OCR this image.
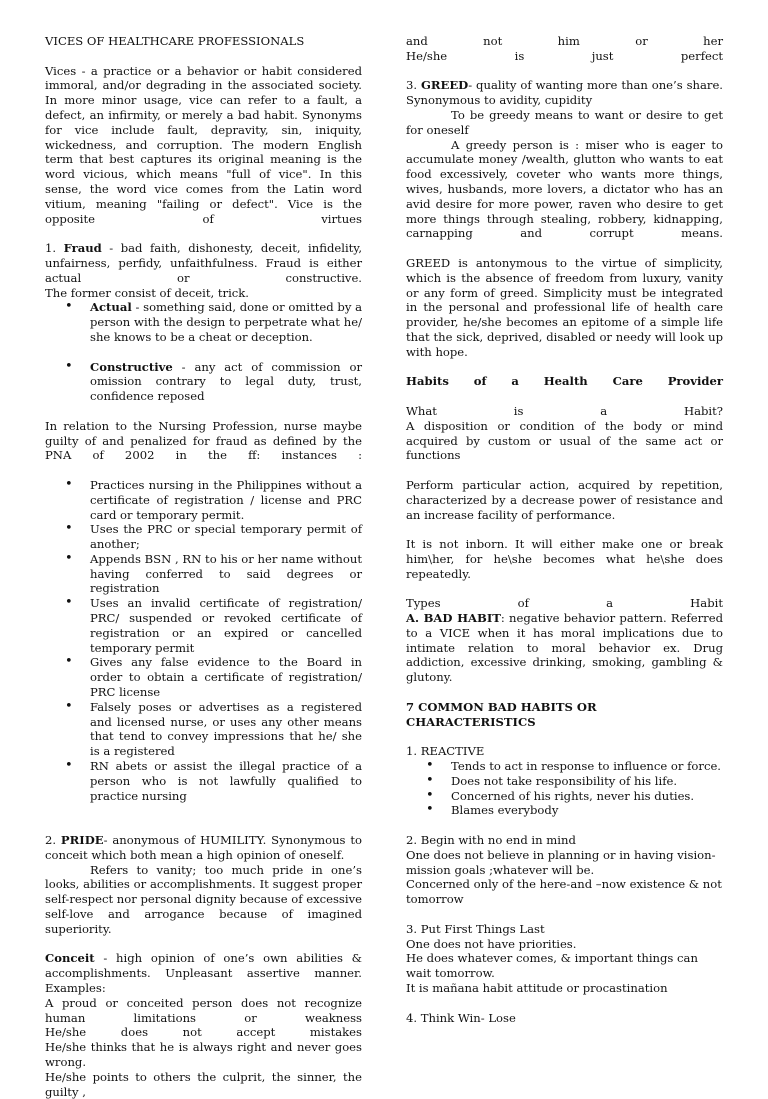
VICES OF HEALTHCARE PROFESSIONALS

Vices - a practice or a behavior or habit considered immoral, and/or degrading in the associated society. In more minor usage, vice can refer to a fault, a defect, an infirmity, or merely a bad habit. Synonyms for vice include fault, depravity, sin, iniquity, wickedness, and corruption. The modern English term that best captures its original meaning is the word vicious, which means "full of vice". In this sense, the word vice comes from the Latin word vitium, meaning "failing or defect". Vice is the opposite of virtues

1. Fraud - bad faith, dishonesty, deceit, infidelity, unfairness, perfidy, unfaithfulness. Fraud is either actual or constructive.

The former consist of deceit, trick.

• Actual - something said, done or omitted by a person with the design to perpetrate what he/ she knows to be a cheat or deception.
• Constructive - any act of commission or omission contrary to legal duty, trust, confidence reposed

In relation to the Nursing Profession, nurse maybe guilty of and penalized for fraud as defined by the PNA of 2002 in the ff: instances :

• Practices nursing in the Philippines without a certificate of registration / license and PRC card or temporary permit.
• Uses the PRC or special temporary permit of another;
• Appends BSN , RN to his or her name without having conferred to said degrees or registration
• Uses an invalid certificate of registration/ PRC/ suspended or revoked certificate of registration or an expired or cancelled temporary permit
• Gives any false evidence to the Board in order to obtain a certificate of registration/ PRC license
• Falsely poses or advertises as a registered and licensed nurse, or uses any other means that tend to convey impressions that he/ she is a registered
• RN abets or assist the illegal practice of a person who is not lawfully qualified to practice nursing

2. PRIDE- anonymous of HUMILITY. Synonymous to conceit which both mean a high opinion of oneself.

Refers to vanity; too much pride in one’s looks, abilities or accomplishments. It suggest proper self-respect nor personal dignity because of excessive self-love and arrogance because of imagined superiority.

Conceit - high opinion of one’s own abilities & accomplishments. Unpleasant assertive manner.

Examples:

A proud or conceited person does not recognize human limitations or weakness

He/she does not accept mistakes

He/she thinks that he is always right and never goes wrong.

He/she points to others the culprit, the sinner, the guilty ,

and not him or her

He/she is just perfect

3. GREED- quality of wanting more than one’s share. Synonymous to avidity, cupidity

To be greedy means to want or desire to get for oneself

A greedy person is : miser who is eager to accumulate money /wealth, glutton who wants to eat food excessively, coveter who wants more things, wives, husbands, more lovers, a dictator who has an avid desire for more power, raven who desire to get more things through stealing, robbery, kidnapping, carnapping and corrupt means.

GREED is antonymous to the virtue of simplicity, which is the absence of freedom from luxury, vanity or any form of greed. Simplicity must be integrated in the personal and professional life of health care provider, he/she becomes an epitome of a simple life that the sick, deprived, disabled or needy will look up with hope.

Habits of a Health Care Provider

What is a Habit?

A disposition or condition of the body or mind acquired by custom or usual of the same act or functions

Perform particular action, acquired by repetition, characterized by a decrease power of resistance and an increase facility of performance.

It is not inborn. It will either make one or break him\her, for he\she becomes what he\she does repeatedly.

Types of a Habit

A. BAD HABIT: negative behavior pattern. Referred to a VICE when it has moral implications due to intimate relation to moral behavior ex. Drug addiction, excessive drinking, smoking, gambling & glutony.

7 COMMON BAD HABITS OR CHARACTERISTICS

1. REACTIVE

• Tends to act in response to influence or force.
• Does not take responsibility of his life.
• Concerned of his rights, never his duties.
• Blames everybody

2. Begin with no end in mind

One does not believe in planning or in having vision-mission goals ;whatever will be.

Concerned only of the here-and –now existence & not tomorrow

3. Put First Things Last

One does not have priorities.

He does whatever comes, & important things can wait tomorrow.

It is mañana habit attitude or procastination

4. Think Win- Lose
